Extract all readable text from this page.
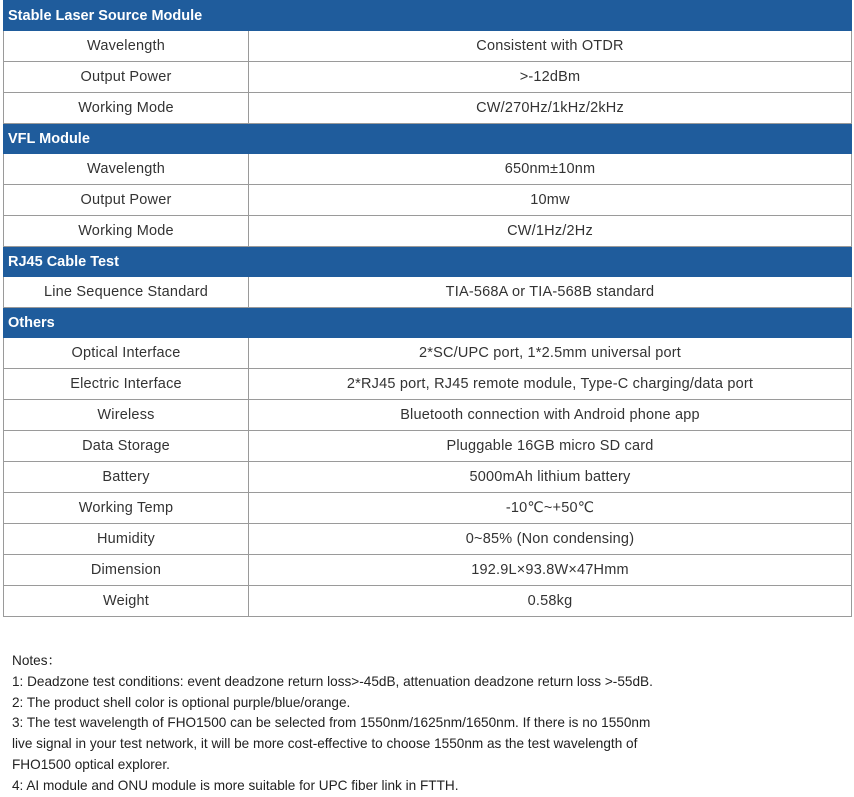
Stable Laser Source Module	
Wavelength	Consistent with OTDR
Output Power	>-12dBm
Working Mode	CW/270Hz/1kHz/2kHz
VFL Module	
Wavelength	650nm±10nm
Output Power	10mw
Working Mode	CW/1Hz/2Hz
RJ45 Cable Test	
Line Sequence Standard	TIA-568A or TIA-568B standard
Others	
Optical Interface	2*SC/UPC port, 1*2.5mm universal port
Electric Interface	2*RJ45 port, RJ45 remote module, Type-C charging/data port
Wireless	Bluetooth connection with Android phone app
Data Storage	Pluggable 16GB micro SD card
Battery	5000mAh lithium battery
Working Temp	-10℃~+50℃
Humidity	0~85% (Non condensing)
Dimension	192.9L×93.8W×47Hmm
Weight	0.58kg

Notes：

1: Deadzone test conditions: event deadzone return loss>-45dB, attenuation deadzone return loss >-55dB.

2: The product shell color is optional purple/blue/orange.

3: The test wavelength of FHO1500 can be selected from 1550nm/1625nm/1650nm. If there is no 1550nm

live signal in your test network, it will be more cost-effective to choose 1550nm as the test wavelength of

FHO1500 optical explorer.

4: AI module and ONU module is more suitable for UPC fiber link in FTTH.
